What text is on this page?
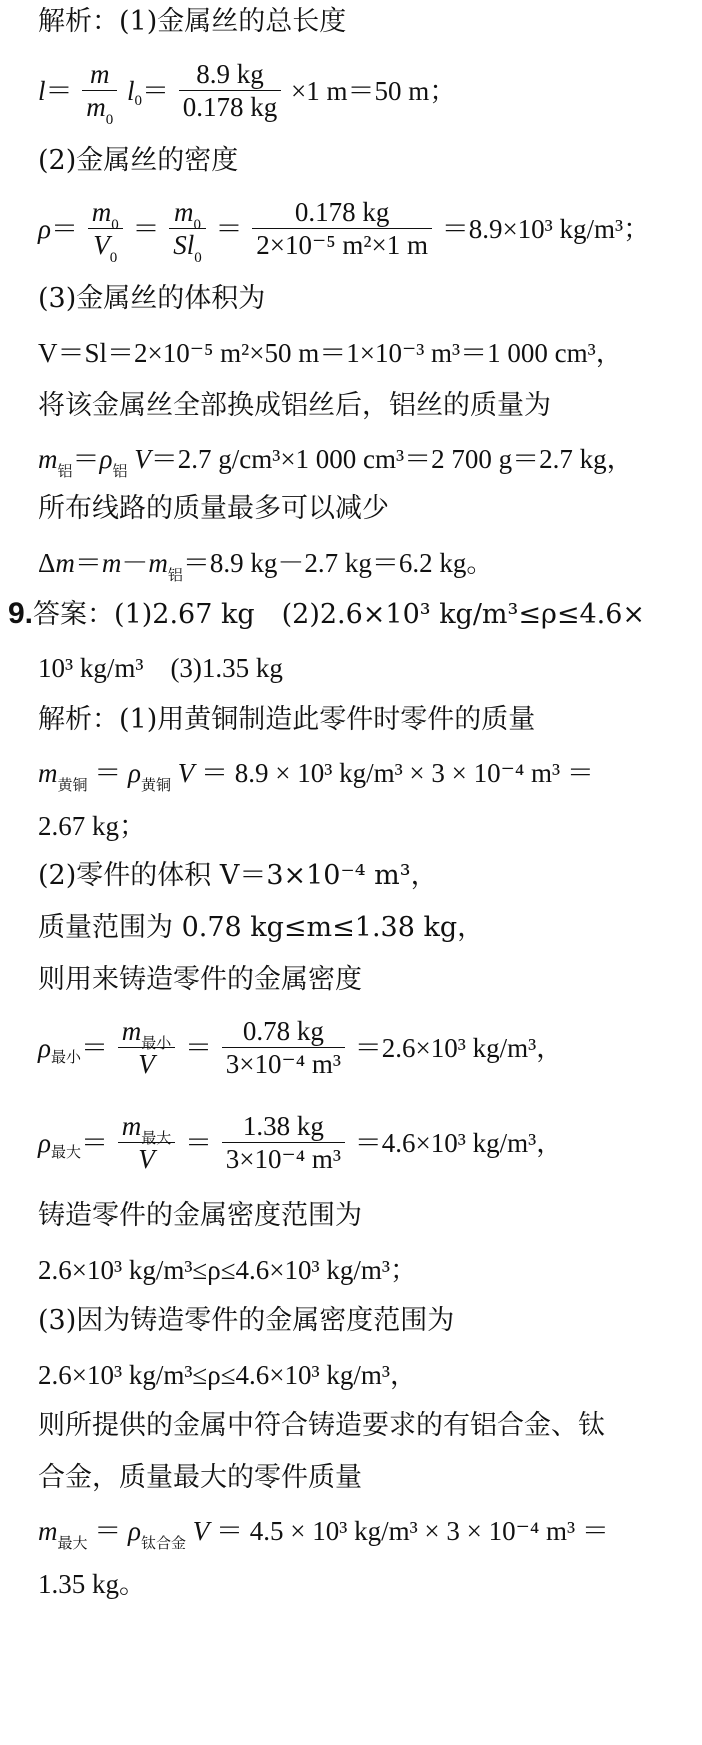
解析：(1)金属丝的总长度
$l= \frac{m}{m_0} l_0= \frac{8.9 kg}{0.178 kg} \times 1$ m＝50 m；
(2)金属丝的密度
$\rho= \frac{m_0}{V_0} = \frac{m_0}{Sl_0} = \frac{0.178 kg}{\text{2×10⁻⁵ m²×1 m}} =8.9\times 10^3$ kg/m³；
(3)金属丝的体积为
V＝Sl＝2×10⁻⁵ m²×50 m＝1×10⁻³ m³＝1 000 cm³，
将该金属丝全部换成铝丝后，铝丝的质量为
$m_铝=\rho_铝$ V＝2.7 g/cm³×1 000 cm³＝2 700 g＝2.7 kg，
所布线路的质量最多可以减少
$\Delta m=m-m_铝=8.9$ kg－2.7 kg＝6.2 kg。
9.答案：(1)2.67 kg　(2)2.6×10³ kg/m³≤ρ≤4.6×
10³ kg/m³　(3)1.35 kg
解析：(1)用黄铜制造此零件时零件的质量
$m_{黄铜} = \rho_{黄铜}$ V ＝ 8.9 × 10³ kg/m³ × 3 × 10⁻⁴ m³ ＝
2.67 kg；
(2)零件的体积 V＝3×10⁻⁴ m³，
质量范围为 0.78 kg≤m≤1.38 kg，
则用来铸造零件的金属密度
$\rho_{最小}= \frac{m_{最小}}{V} = \frac{0.78 kg}{\text{3×10⁻⁴ m³}} =2.6\times 10^3$ kg/m³，
$\rho_{最大}= \frac{m_{最大}}{V} = \frac{1.38 kg}{\text{3×10⁻⁴ m³}} =4.6\times 10^3$ kg/m³，
铸造零件的金属密度范围为
2.6×10³ kg/m³≤ρ≤4.6×10³ kg/m³；
(3)因为铸造零件的金属密度范围为
2.6×10³ kg/m³≤ρ≤4.6×10³ kg/m³，
则所提供的金属中符合铸造要求的有铝合金、钛
合金，质量最大的零件质量
$m_{最大} = \rho_{钛合金}$ V ＝ 4.5 × 10³ kg/m³ × 3 × 10⁻⁴ m³ ＝
1.35 kg。
